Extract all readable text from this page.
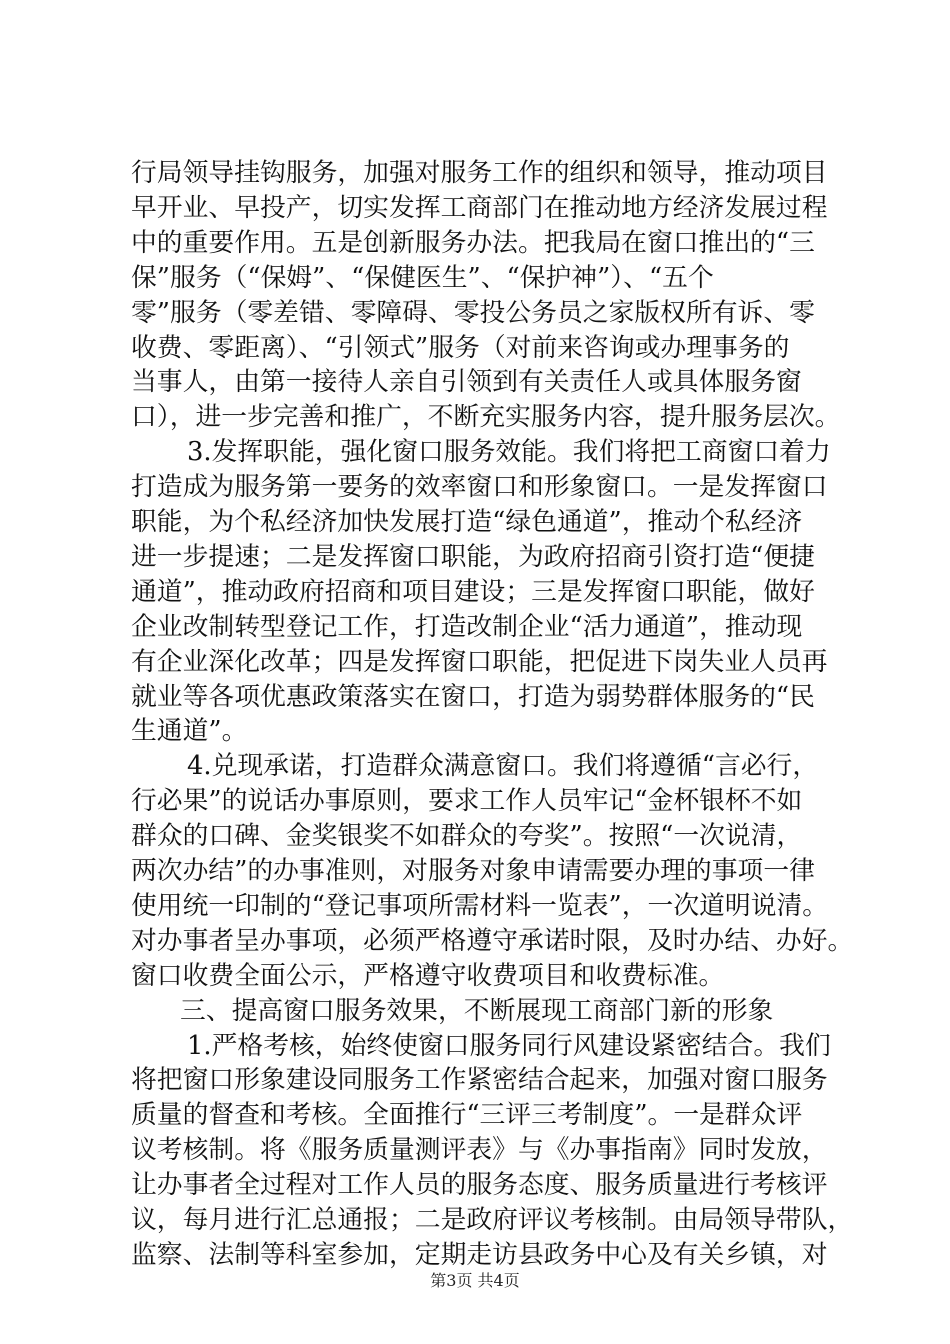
行局领导挂钩服务，加强对服务工作的组织和领导，推动项目
早开业、早投产，切实发挥工商部门在推动地方经济发展过程
中的重要作用。五是创新服务办法。把我局在窗口推出的“三
保”服务（“保姆”、“保健医生”、“保护神”）、“五个
零”服务（零差错、零障碍、零投公务员之家版权所有诉、零
收费、零距离）、“引领式”服务（对前来咨询或办理事务的
当事人，由第一接待人亲自引领到有关责任人或具体服务窗
口），进一步完善和推广，不断充实服务内容，提升服务层次。
3.发挥职能，强化窗口服务效能。我们将把工商窗口着力
打造成为服务第一要务的效率窗口和形象窗口。一是发挥窗口
职能，为个私经济加快发展打造“绿色通道”，推动个私经济
进一步提速；二是发挥窗口职能，为政府招商引资打造“便捷
通道”，推动政府招商和项目建设；三是发挥窗口职能，做好
企业改制转型登记工作，打造改制企业“活力通道”，推动现
有企业深化改革；四是发挥窗口职能，把促进下岗失业人员再
就业等各项优惠政策落实在窗口，打造为弱势群体服务的“民
生通道”。
4.兑现承诺，打造群众满意窗口。我们将遵循“言必行，
行必果”的说话办事原则，要求工作人员牢记“金杯银杯不如
群众的口碑、金奖银奖不如群众的夸奖”。按照“一次说清，
两次办结”的办事准则，对服务对象申请需要办理的事项一律
使用统一印制的“登记事项所需材料一览表”，一次道明说清。
对办事者呈办事项，必须严格遵守承诺时限，及时办结、办好。
窗口收费全面公示，严格遵守收费项目和收费标准。
三、提高窗口服务效果，不断展现工商部门新的形象
1.严格考核，始终使窗口服务同行风建设紧密结合。我们
将把窗口形象建设同服务工作紧密结合起来，加强对窗口服务
质量的督查和考核。全面推行“三评三考制度”。一是群众评
议考核制。将《服务质量测评表》与《办事指南》同时发放，
让办事者全过程对工作人员的服务态度、服务质量进行考核评
议，每月进行汇总通报；二是政府评议考核制。由局领导带队，
监察、法制等科室参加，定期走访县政务中心及有关乡镇，对
第3页 共4页
